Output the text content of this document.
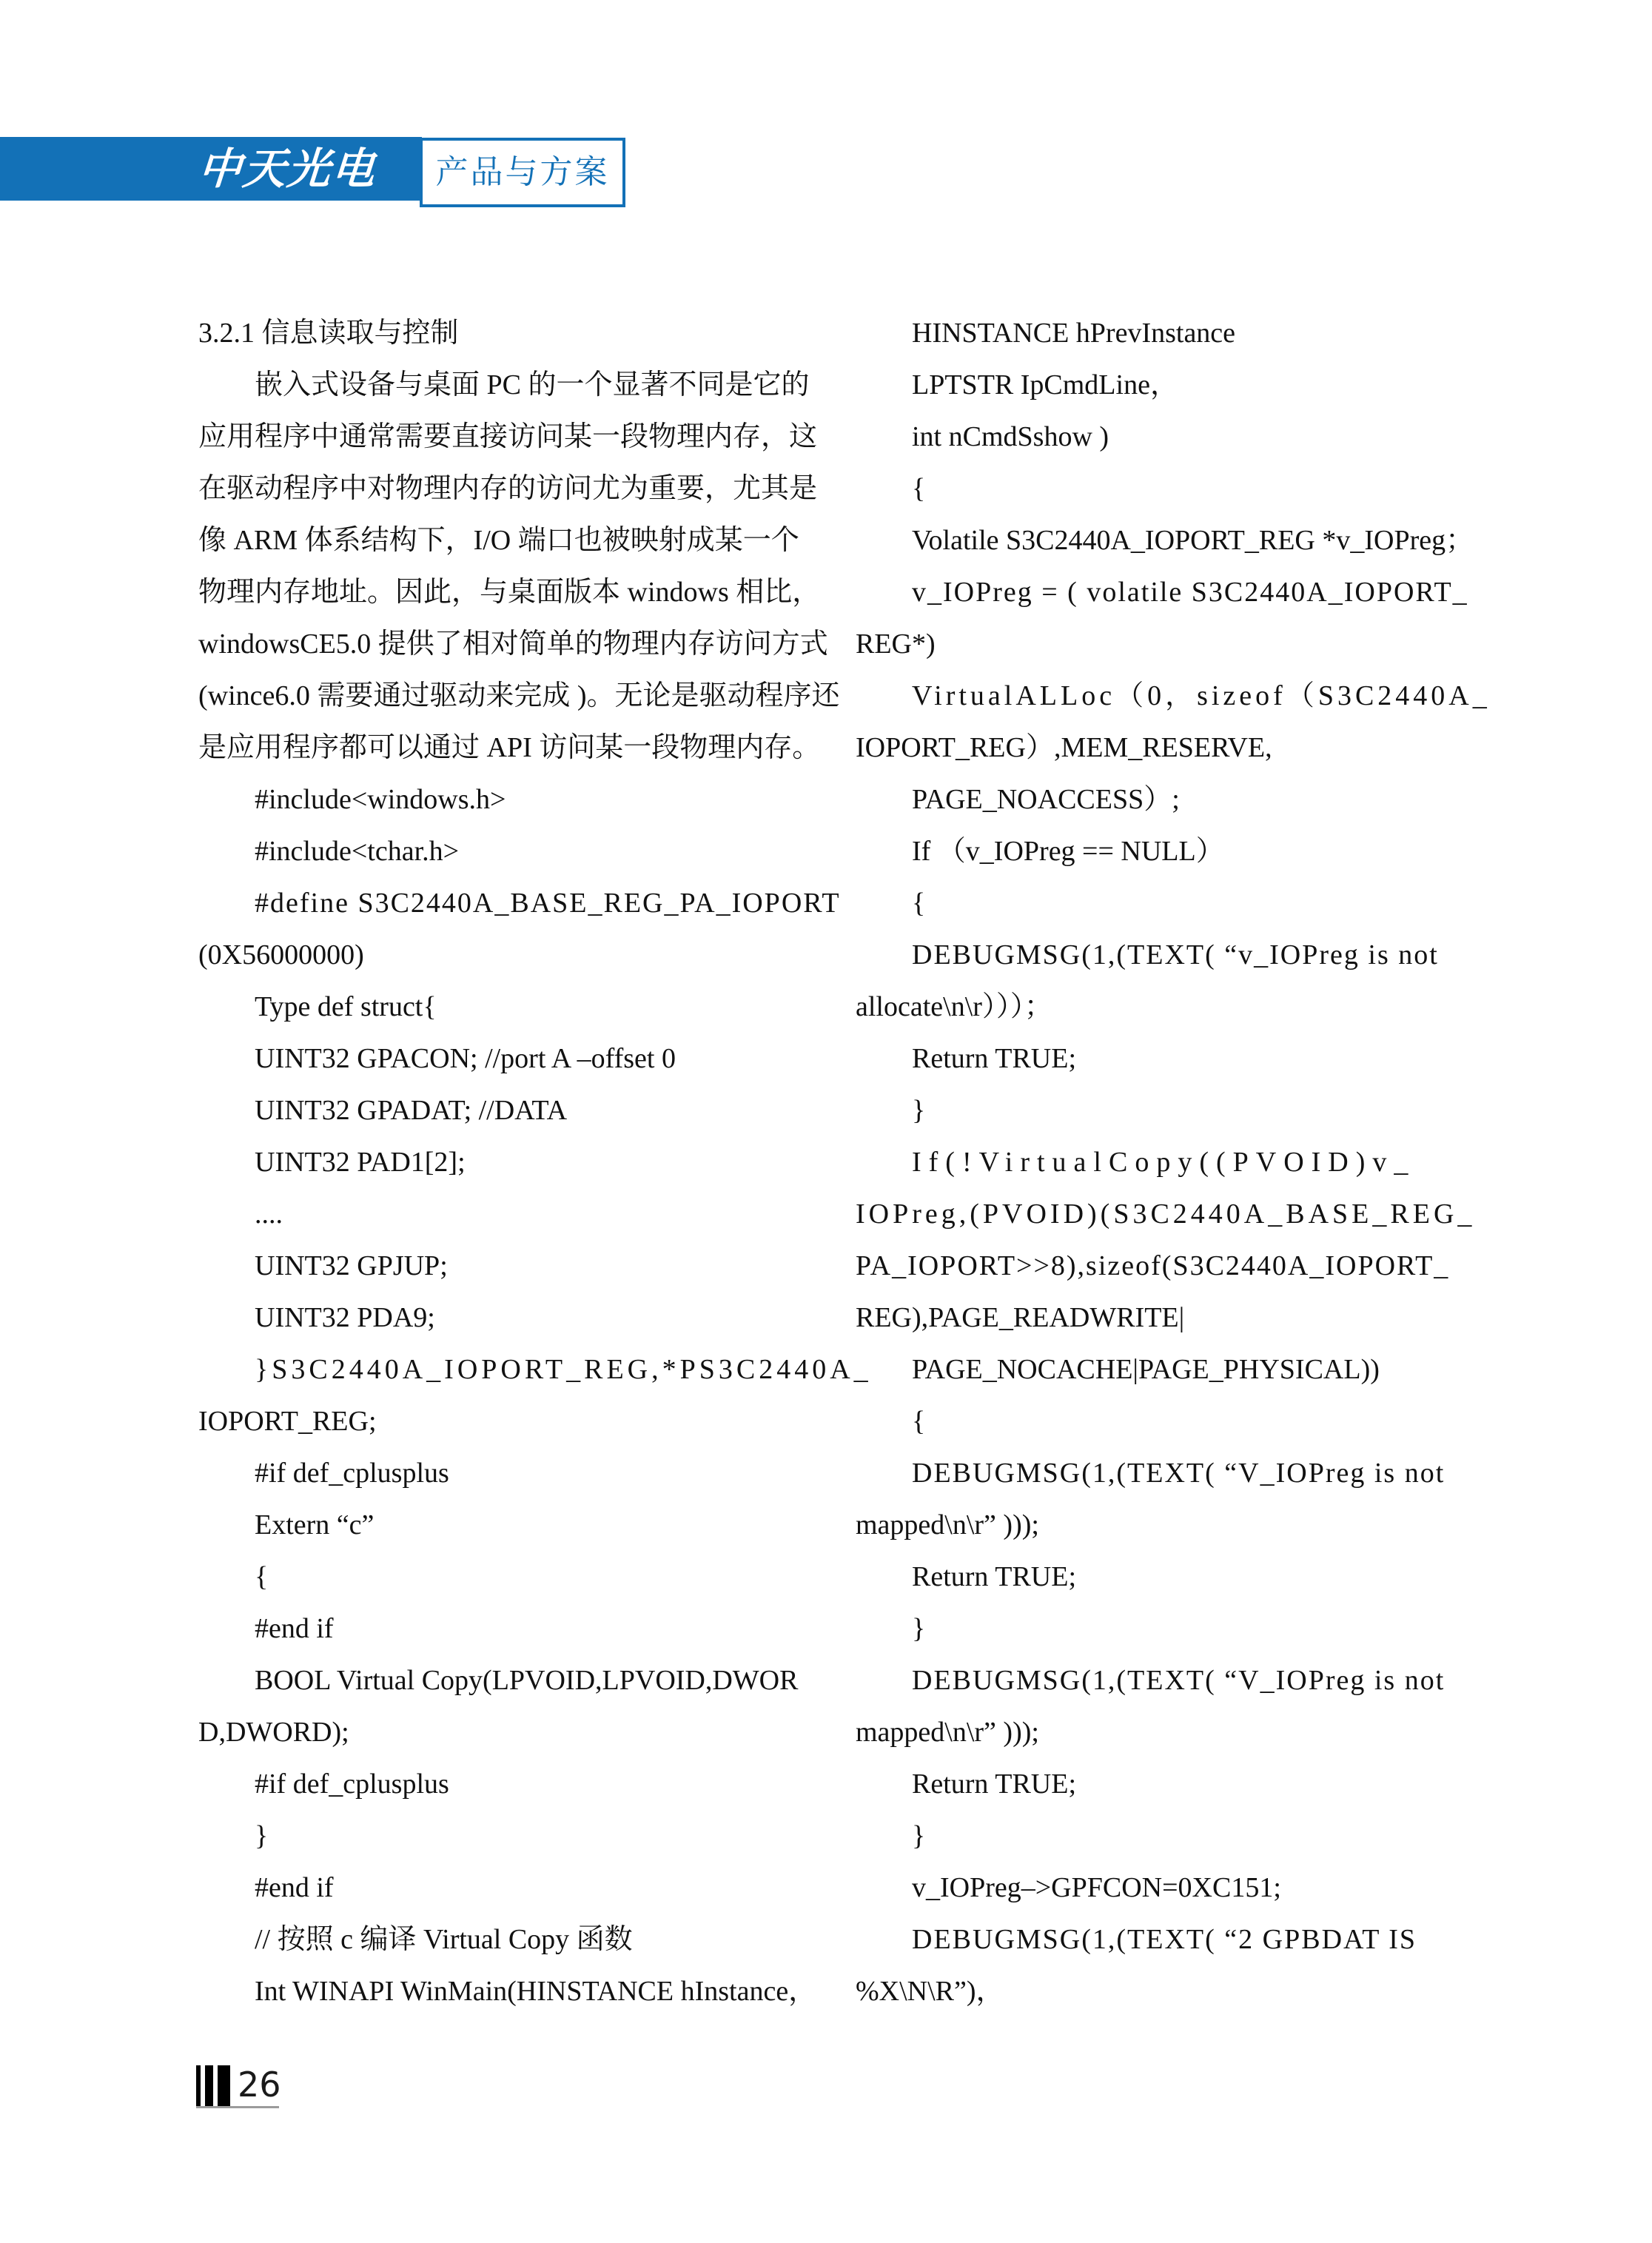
中天光电 产品与方案
3.2.1 信息读取与控制
嵌入式设备与桌面 PC 的一个显著不同是它的
应用程序中通常需要直接访问某一段物理内存，这
在驱动程序中对物理内存的访问尤为重要，尤其是
像 ARM 体系结构下，I/O 端口也被映射成某一个
物理内存地址。因此，与桌面版本 windows 相比，
windowsCE5.0 提供了相对简单的物理内存访问方式
(wince6.0 需要通过驱动来完成 )。无论是驱动程序还
是应用程序都可以通过 API 访问某一段物理内存。
#include<windows.h>
#include<tchar.h>
#define S3C2440A_BASE_REG_PA_IOPORT
(0X56000000)
Type def struct{
UINT32 GPACON; //port A –offset 0
UINT32 GPADAT; //DATA
UINT32 PAD1[2];
....
UINT32 GPJUP;
UINT32 PDA9;
}S3C2440A_IOPORT_REG,*PS3C2440A_
IOPORT_REG;
#if def_cplusplus
Extern “c”
{
#end if
BOOL Virtual Copy(LPVOID,LPVOID,DWOR
D,DWORD);
#if def_cplusplus
}
#end if
// 按照 c 编译 Virtual Copy 函数
Int WINAPI WinMain(HINSTANCE hInstance，
HINSTANCE hPrevInstance
LPTSTR IpCmdLine，
int nCmdSshow )
{
Volatile S3C2440A_IOPORT_REG *v_IOPreg；
v_IOPreg = ( volatile S3C2440A_IOPORT_
REG*)
VirtualALLoc（0，sizeof（S3C2440A_
IOPORT_REG）,MEM_RESERVE,
PAGE_NOACCESS）;
If （v_IOPreg == NULL）
{
DEBUGMSG(1,(TEXT( “v_IOPreg is not
allocate\n\r）））；
Return TRUE;
}
If(!VirtualCopy((PVOID)v_
IOPreg,(PVOID)(S3C2440A_BASE_REG_
PA_IOPORT>>8),sizeof(S3C2440A_IOPORT_
REG),PAGE_READWRITE|
PAGE_NOCACHE|PAGE_PHYSICAL))
{
DEBUGMSG(1,(TEXT( “V_IOPreg is not
mapped\n\r” )));
Return TRUE;
}
DEBUGMSG(1,(TEXT( “V_IOPreg is not
mapped\n\r” )));
Return TRUE;
}
v_IOPreg–>GPFCON=0XC151;
DEBUGMSG(1,(TEXT( “2 GPBDAT IS
%X\N\R”)，
26
